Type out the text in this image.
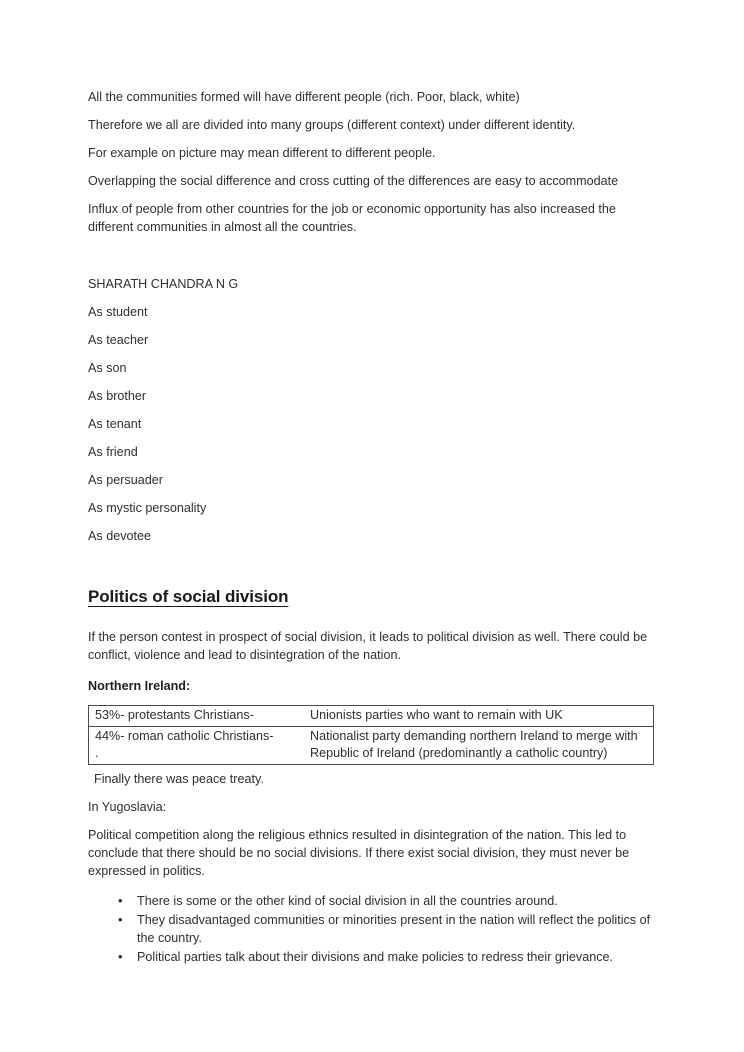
All the communities formed will have different people (rich. Poor, black, white)

Therefore we all are divided into many groups (different context) under different identity.

For example on picture may mean different to different people.

Overlapping the social difference and cross cutting of the differences are easy to accommodate

Influx of people from other countries for the job or economic opportunity has also increased the different communities in almost all the countries.

SHARATH CHANDRA N G

As student

As teacher

As son

As brother

As tenant

As friend

As persuader

As mystic personality

As devotee

Politics of social division

If the person contest in prospect of social division, it leads to political division as well. There could be conflict, violence and lead to disintegration of the nation.

Northern Ireland:

53%- protestants Christians-	Unionists parties who want to remain with UK
44%- roman catholic Christians-
.	Nationalist party demanding northern Ireland to merge with
Republic of Ireland (predominantly a catholic country)

Finally there was peace treaty.

In Yugoslavia:

Political competition along the religious ethnics resulted in disintegration of the nation. This led to conclude that there should be no social divisions. If there exist social division, they must never be expressed in politics.

• There is some or the other kind of social division in all the countries around.
• They disadvantaged communities or minorities present in the nation will reflect the politics of the country.
• Political parties talk about their divisions and make policies to redress their grievance.
